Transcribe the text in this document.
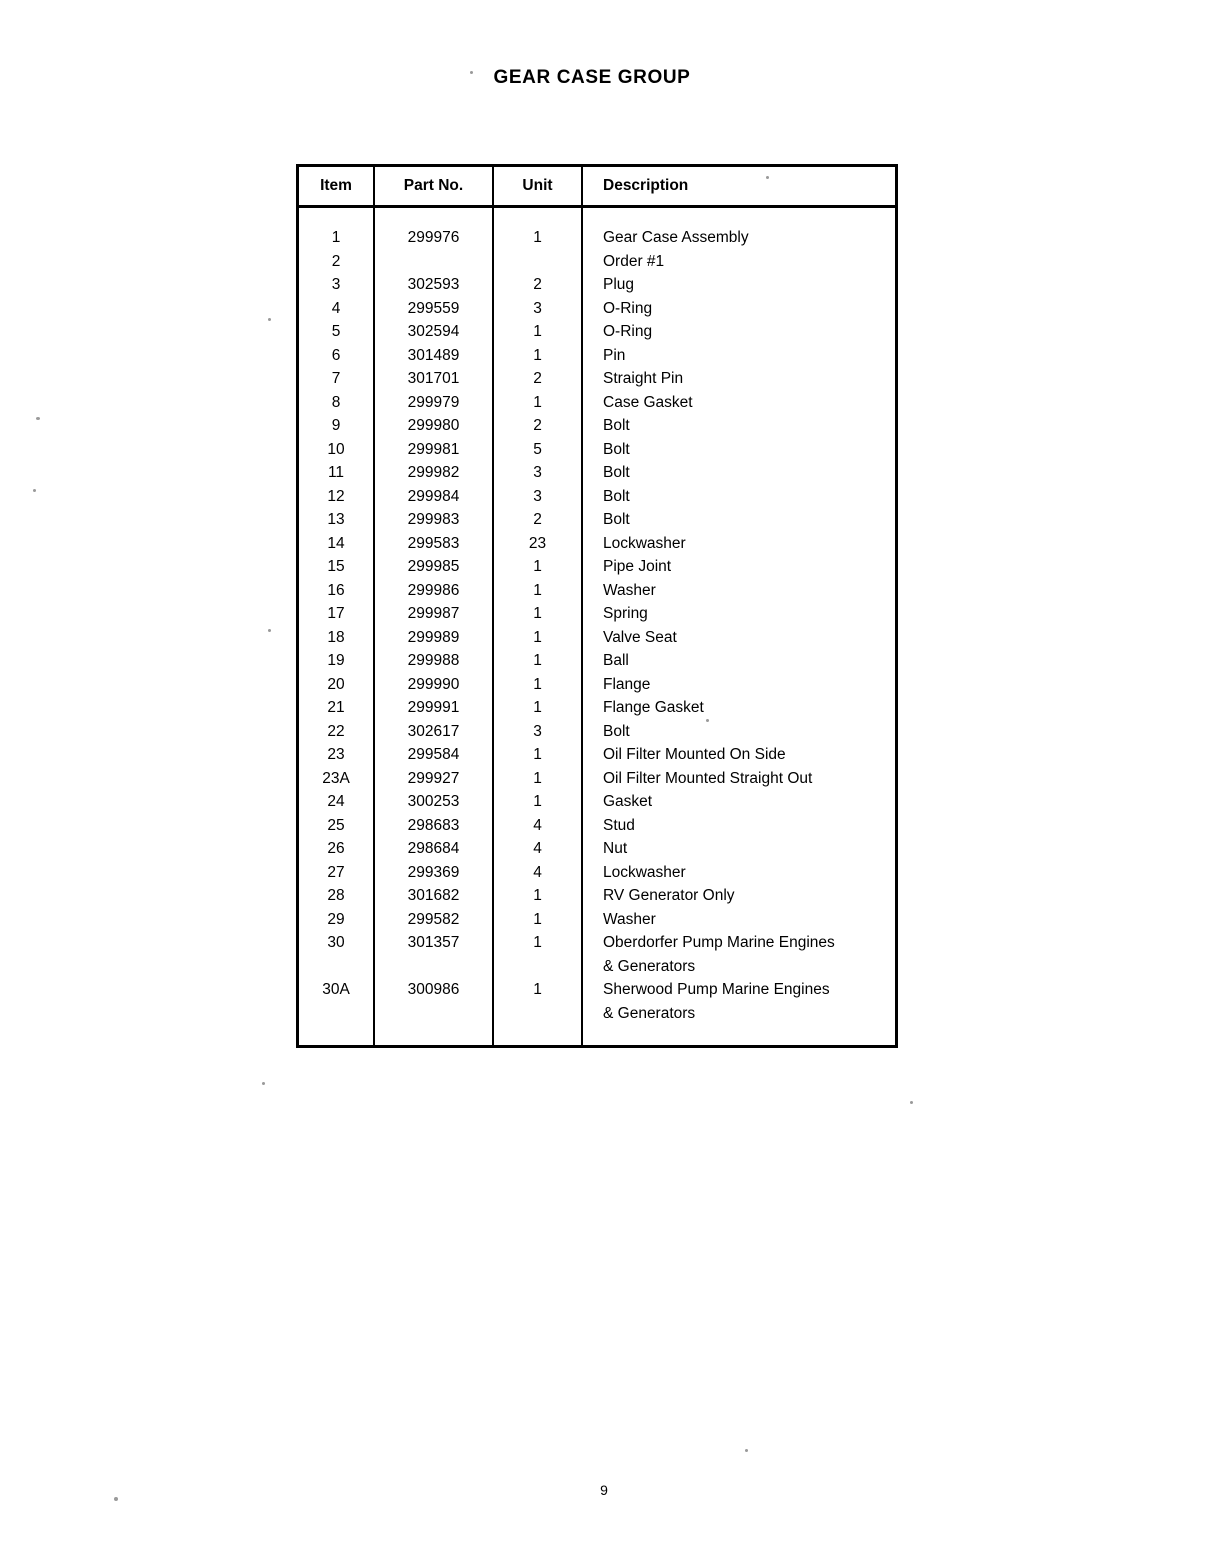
GEAR CASE GROUP
Item	Part No.	Unit	Description

1	299976	1	Gear Case Assembly
2			Order #1
3	302593	2	Plug
4	299559	3	O-Ring
5	302594	1	O-Ring
6	301489	1	Pin
7	301701	2	Straight Pin
8	299979	1	Case Gasket
9	299980	2	Bolt
10	299981	5	Bolt
11	299982	3	Bolt
12	299984	3	Bolt
13	299983	2	Bolt
14	299583	23	Lockwasher
15	299985	1	Pipe Joint
16	299986	1	Washer
17	299987	1	Spring
18	299989	1	Valve Seat
19	299988	1	Ball
20	299990	1	Flange
21	299991	1	Flange Gasket
22	302617	3	Bolt
23	299584	1	Oil Filter Mounted On Side
23A	299927	1	Oil Filter Mounted Straight Out
24	300253	1	Gasket
25	298683	4	Stud
26	298684	4	Nut
27	299369	4	Lockwasher
28	301682	1	RV Generator Only
29	299582	1	Washer
30	301357	1	Oberdorfer Pump Marine Engines
			& Generators
30A	300986	1	Sherwood Pump Marine Engines
			& Generators

9
